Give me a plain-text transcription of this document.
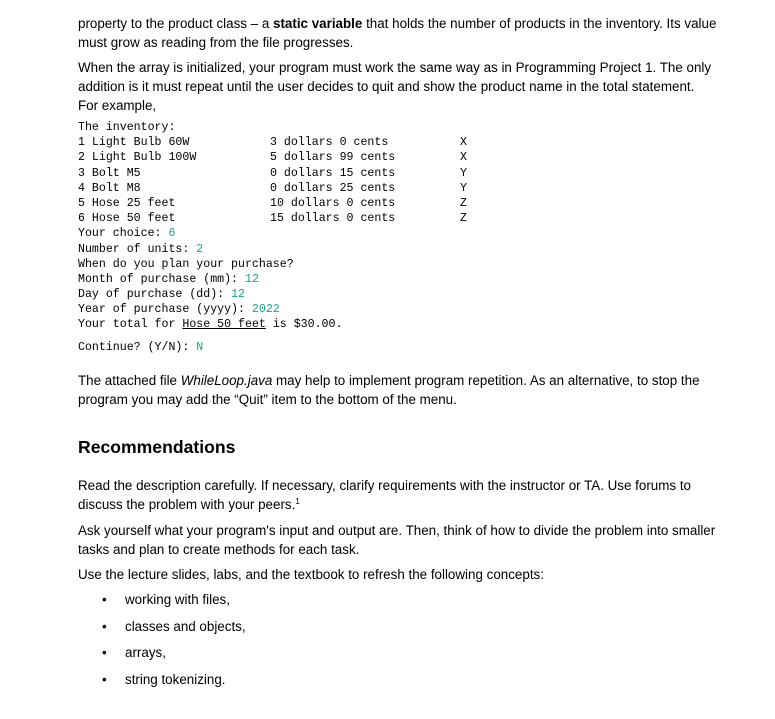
property to the product class – a static variable that holds the number of products in the inventory. Its value must grow as reading from the file progresses.

When the array is initialized, your program must work the same way as in Programming Project 1. The only addition is it must repeat until the user decides to quit and show the product name in the total statement. For example,

The inventory:
1 Light Bulb 60W	3 dollars 0 cents	X
2 Light Bulb 100W	5 dollars 99 cents	X
3 Bolt M5	0 dollars 15 cents	Y
4 Bolt M8	0 dollars 25 cents	Y
5 Hose 25 feet	10 dollars 0 cents	Z
6 Hose 50 feet	15 dollars 0 cents	Z
Your choice: 6
Number of units: 2
When do you plan your purchase?
Month of purchase (mm): 12
Day of purchase (dd): 12
Year of purchase (yyyy): 2022
Your total for Hose 50 feet is $30.00.
Continue? (Y/N): N

The attached file WhileLoop.java may help to implement program repetition. As an alternative, to stop the program you may add the “Quit” item to the bottom of the menu.

Recommendations

Read the description carefully. If necessary, clarify requirements with the instructor or TA. Use forums to discuss the problem with your peers.$^1$

Ask yourself what your program's input and output are. Then, think of how to divide the problem into smaller tasks and plan to create methods for each task.

Use the lecture slides, labs, and the textbook to refresh the following concepts:

• working with files,
• classes and objects,
• arrays,
• string tokenizing.
